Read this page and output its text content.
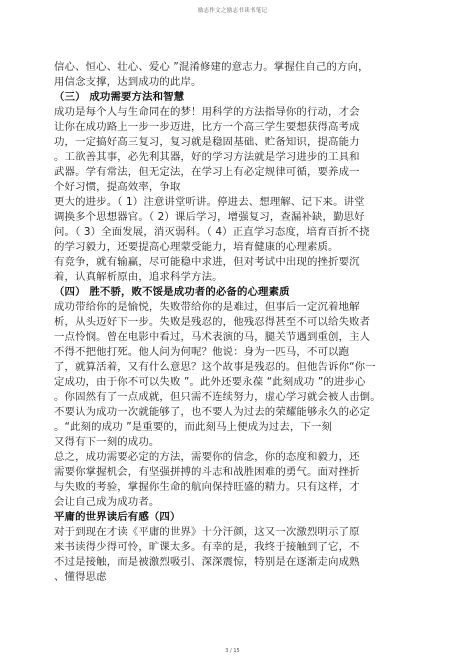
励志作文之励志书读书笔记
信心、恒心、壮心、爱心 ”混淆修建的意志力。掌握住自己的方向，
用信念支撑，达到成功的此岸。
（三） 成功需要方法和智慧
成功是每个人与生命同在的梦！用科学的方法指导你的行动，才会
让你在成功路上一步一步迈进，比方一个高三学生要想获得高考成
功，一定搞好高三复习，复习就是稳固基础、贮备知识，提高能力
。工欲善其事，必先利其器，好的学习方法就是学习进步的工具和
武器。学有常法，但无定法，在学习上有必定规律可循，要养成一
个好习惯，提高效率，争取
更大的进步。（ 1）注意讲堂听讲。停进去、想理解、记下来。讲堂
调换多个思想器官。（ 2）课后学习，增强复习，查漏补缺，勤思好
问。（ 3）全面发展，消灭弱科。（ 4）正直学习态度，培育百折不挠
的学习毅力，还要提高心理蒙受能力，培育健康的心理素质。
有竞争，就有输赢，尽可能稳中求进，但对考试中出现的挫折要沉
着，认真解析原由，追求科学方法。
（四） 胜不骄，败不馁是成功者的必备的心理素质
成功带给你的是愉悦，失败带给你的是难过，但事后一定沉着地解
析，从头迈好下一步。失败是残忍的，他残忍得甚至不可以给失败者
一点怜悯。曾在电影中看过，马术表演的马，腿关节遇到重创，主人
不得不把他打死。他人问为何呢？他说：身为一匹马，不可以跑
了，就算活着，又有什么意思？这个故事是残忍的。但他告诉你“你一
定成功，由于你不可以失败 ”。此外还要永葆 “此刻成功 ”的进步心
。你固然有了一点成就，但只需不连续努力，虚心学习就会被人击倒。
不要认为成功一次就能够了，也不要人为过去的荣耀能够永久的必定
。“此刻的成功 ”是重要的，而此刻马上便成为过去，下一刻
又得有下一刻的成功。
总之，成功需要必定的方法，需要你的信念，你的态度和毅力，还
需要你掌握机会，有坚强拼搏的斗志和战胜困难的勇气。面对挫折
与失败的考验，掌握你生命的航向保持旺盛的精力。只有这样，才
会让自己成为成功者。
平庸的世界读后有感（四）
对于到现在才读《平庸的世界》十分汗颜，这又一次激烈明示了原
来书读得少得可怜，旷课太多。有幸的是，我终于接触到了它，不
不过是接触，而是被激烈吸引、深深震惊，特别是在逐渐走向成熟
、懂得思虑
3 / 15
